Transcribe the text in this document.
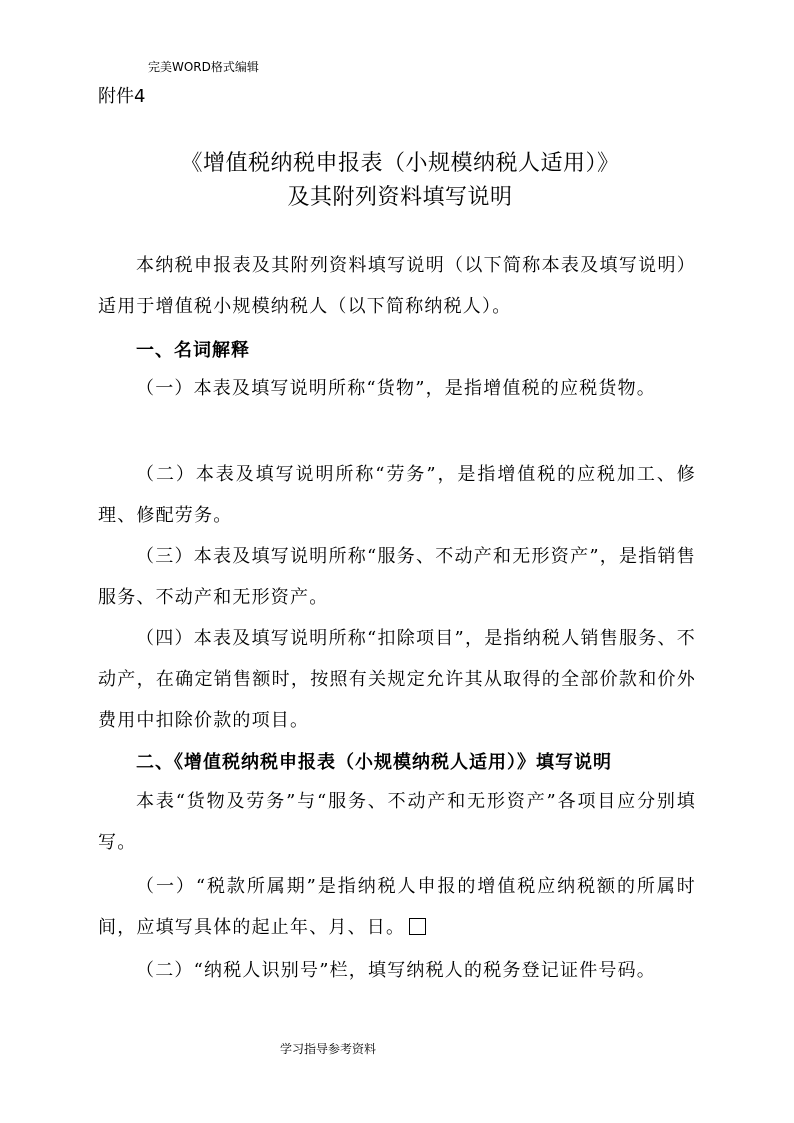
完美WORD格式编辑
附件4
《增值税纳税申报表（小规模纳税人适用）》
及其附列资料填写说明

本纳税申报表及其附列资料填写说明（以下简称本表及填写说明）适用于增值税小规模纳税人（以下简称纳税人）。

一、名词解释

（一）本表及填写说明所称“货物”，是指增值税的应税货物。

（二）本表及填写说明所称“劳务”，是指增值税的应税加工、修理、修配劳务。

（三）本表及填写说明所称“服务、不动产和无形资产”，是指销售服务、不动产和无形资产。

（四）本表及填写说明所称“扣除项目”，是指纳税人销售服务、不动产，在确定销售额时，按照有关规定允许其从取得的全部价款和价外费用中扣除价款的项目。

二、《增值税纳税申报表（小规模纳税人适用）》填写说明

本表“货物及劳务”与“服务、不动产和无形资产”各项目应分别填写。

（一）“税款所属期”是指纳税人申报的增值税应纳税额的所属时间，应填写具体的起止年、月、日。

（二）“纳税人识别号”栏，填写纳税人的税务登记证件号码。

学习指导参考资料
